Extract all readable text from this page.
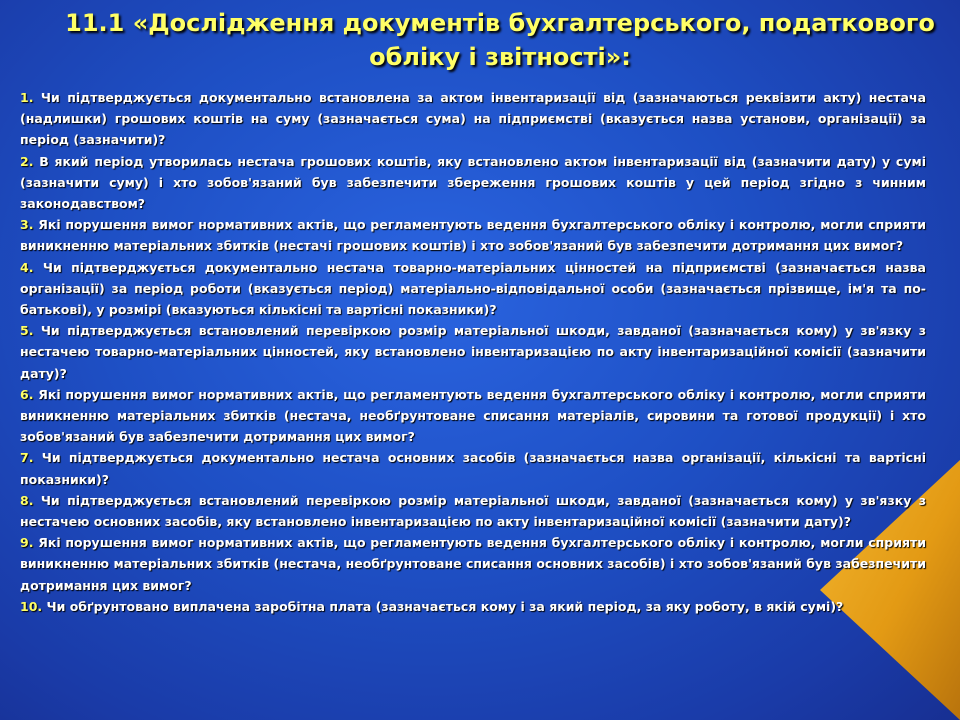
11.1 «Дослідження документів бухгалтерського, податкового обліку і звітності»:
1. Чи підтверджується документально встановлена за актом інвентаризації від (зазначаються реквізити акту) нестача (надлишки) грошових коштів на суму (зазначається сума) на підприємстві (вказується назва установи, організації) за період (зазначити)?
2. В який період утворилась нестача грошових коштів, яку встановлено актом інвентаризації від (зазначити дату) у сумі (зазначити суму) і хто зобов'язаний був забезпечити збереження грошових коштів у цей період згідно з чинним законодавством?
3. Які порушення вимог нормативних актів, що регламентують ведення бухгалтерського обліку і контролю, могли сприяти виникненню матеріальних збитків (нестачі грошових коштів) і хто зобов'язаний був забезпечити дотримання цих вимог?
4. Чи підтверджується документально нестача товарно-матеріальних цінностей на підприємстві (зазначається назва організації) за період роботи (вказується період) матеріально-відповідальної особи (зазначається прізвище, ім'я та по-батькові), у розмірі (вказуються кількісні та вартісні показники)?
5. Чи підтверджується встановлений перевіркою розмір матеріальної шкоди, завданої (зазначається кому) у зв'язку з нестачею товарно-матеріальних цінностей, яку встановлено інвентаризацією по акту інвентаризаційної комісії (зазначити дату)?
6. Які порушення вимог нормативних актів, що регламентують ведення бухгалтерського обліку і контролю, могли сприяти виникненню матеріальних збитків (нестача, необґрунтоване списання матеріалів, сировини та готової продукції) і хто зобов'язаний був забезпечити дотримання цих вимог?
7. Чи підтверджується документально нестача основних засобів (зазначається назва організації, кількісні та вартісні показники)?
8. Чи підтверджується встановлений перевіркою розмір матеріальної шкоди, завданої (зазначається кому) у зв'язку з нестачею основних засобів, яку встановлено інвентаризацією по акту інвентаризаційної комісії (зазначити дату)?
9. Які порушення вимог нормативних актів, що регламентують ведення бухгалтерського обліку і контролю, могли сприяти виникненню матеріальних збитків (нестача, необґрунтоване списання основних засобів) і хто зобов'язаний був забезпечити дотримання цих вимог?
10. Чи обґрунтовано виплачена заробітна плата (зазначається кому і за який період, за яку роботу, в якій сумі)?
